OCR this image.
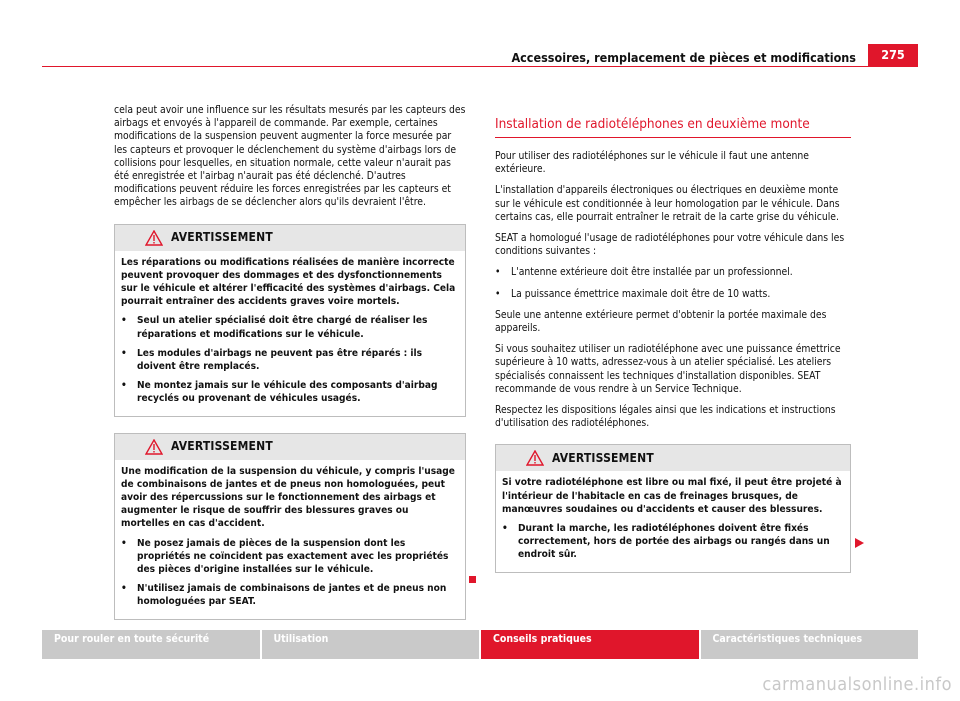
Accessoires, remplacement de pièces et modifications	275

cela peut avoir une influence sur les résultats mesurés par les capteurs des airbags et envoyés à l'appareil de commande. Par exemple, certaines modifications de la suspension peuvent augmenter la force mesurée par les capteurs et provoquer le déclenchement du système d'airbags lors de collisions pour lesquelles, en situation normale, cette valeur n'aurait pas été enregistrée et l'airbag n'aurait pas été déclenché. D'autres modifications peuvent réduire les forces enregistrées par les capteurs et empêcher les airbags de se déclencher alors qu'ils devraient l'être.

AVERTISSEMENT

Les réparations ou modifications réalisées de manière incorrecte peuvent provoquer des dommages et des dysfonctionnements sur le véhicule et altérer l'efficacité des systèmes d'airbags. Cela pourrait entraîner des accidents graves voire mortels.

•	Seul un atelier spécialisé doit être chargé de réaliser les réparations et modifications sur le véhicule.
•	Les modules d'airbags ne peuvent pas être réparés : ils doivent être remplacés.
•	Ne montez jamais sur le véhicule des composants d'airbag recyclés ou provenant de véhicules usagés.
AVERTISSEMENT

Une modification de la suspension du véhicule, y compris l'usage de combinaisons de jantes et de pneus non homologuées, peut avoir des répercussions sur le fonctionnement des airbags et augmenter le risque de souffrir des blessures graves ou mortelles en cas d'accident.

•	Ne posez jamais de pièces de la suspension dont les propriétés ne coïncident pas exactement avec les propriétés des pièces d'origine installées sur le véhicule.
•	N'utilisez jamais de combinaisons de jantes et de pneus non homologuées par SEAT.
Installation de radiotéléphones en deuxième monte

Pour utiliser des radiotéléphones sur le véhicule il faut une antenne extérieure.

L'installation d'appareils électroniques ou électriques en deuxième monte sur le véhicule est conditionnée à leur homologation par le véhicule. Dans certains cas, elle pourrait entraîner le retrait de la carte grise du véhicule.

SEAT a homologué l'usage de radiotéléphones pour votre véhicule dans les conditions suivantes :

•	L'antenne extérieure doit être installée par un professionnel.
•	La puissance émettrice maximale doit être de 10 watts.

Seule une antenne extérieure permet d'obtenir la portée maximale des appareils.

Si vous souhaitez utiliser un radiotéléphone avec une puissance émettrice supérieure à 10 watts, adressez-vous à un atelier spécialisé. Les ateliers spécialisés connaissent les techniques d'installation disponibles. SEAT recommande de vous rendre à un Service Technique.

Respectez les dispositions légales ainsi que les indications et instructions d'utilisation des radiotéléphones.

AVERTISSEMENT

Si votre radiotéléphone est libre ou mal fixé, il peut être projeté à l'intérieur de l'habitacle en cas de freinages brusques, de manœuvres soudaines ou d'accidents et causer des blessures.

•	Durant la marche, les radiotéléphones doivent être fixés correctement, hors de portée des airbags ou rangés dans un endroit sûr.
Pour rouler en toute sécurité	Utilisation	Conseils pratiques	Caractéristiques techniques
carmanualsonline.info
